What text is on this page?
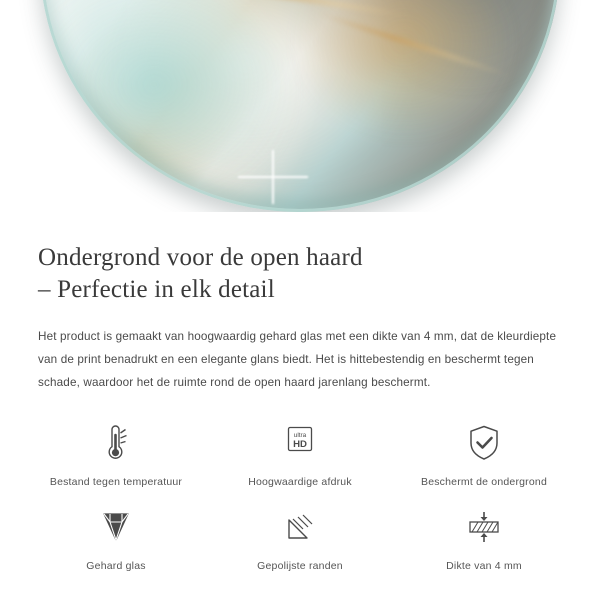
Ondergrond voor de open haard
– Perfectie in elk detail

Het product is gemaakt van hoogwaardig gehard glas met een dikte van 4 mm, dat de kleurdiepte van de print benadrukt en een elegante glans biedt. Het is hittebestendig en beschermt tegen schade, waardoor het de ruimte rond de open haard jarenlang beschermt.

Bestand tegen temperatuur
ultra
HD
Hoogwaardige afdruk	Beschermt de ondergrond
Gehard glas	Gepolijste randen	Dikte van 4 mm
